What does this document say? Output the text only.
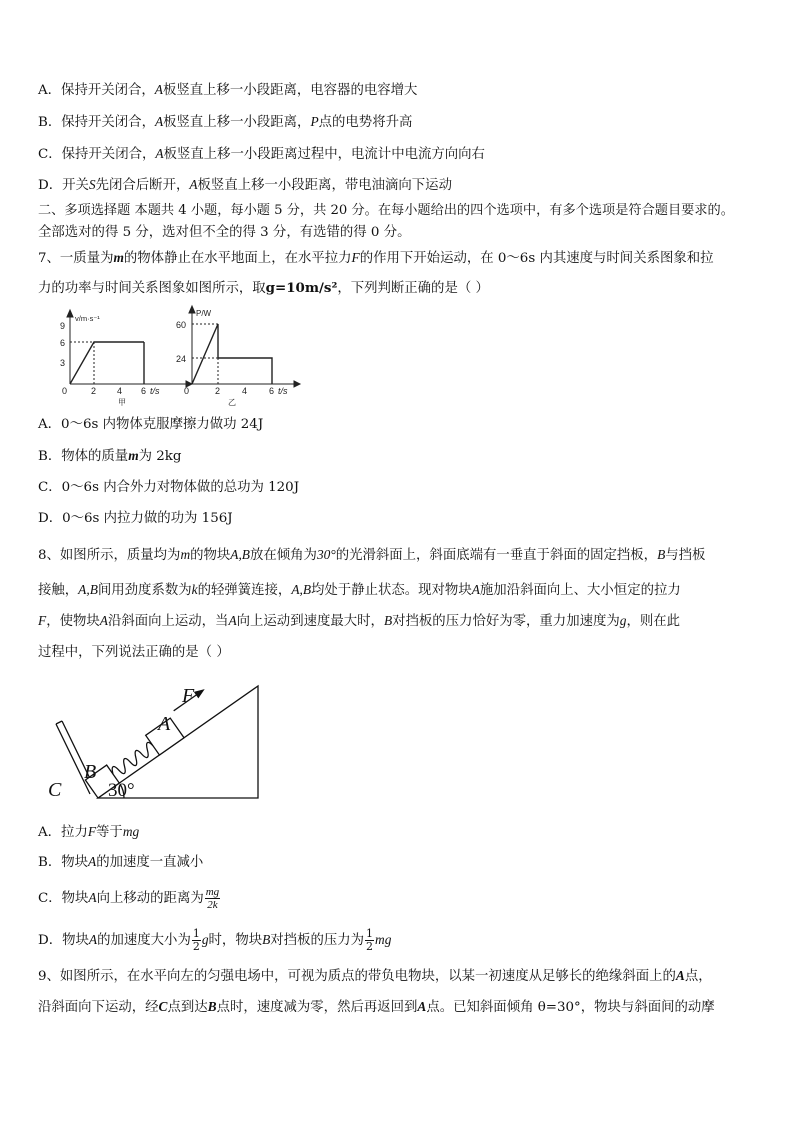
A．保持开关闭合，A板竖直上移一小段距离，电容器的电容增大
B．保持开关闭合，A板竖直上移一小段距离，P点的电势将升高
C．保持开关闭合，A板竖直上移一小段距离过程中，电流计中电流方向向右
D．开关S先闭合后断开，A板竖直上移一小段距离，带电油滴向下运动
二、多项选择题 本题共 4 小题，每小题 5 分，共 20 分。在每小题给出的四个选项中，有多个选项是符合题目要求的。
全部选对的得 5 分，选对但不全的得 3 分，有选错的得 0 分。
7、一质量为m的物体静止在水平地面上，在水平拉力F的作用下开始运动，在 0～6s 内其速度与时间关系图象和拉
力的功率与时间关系图象如图所示，取g=10m/s²，下列判断正确的是（ ）
v/m·s⁻¹
9
6
3
0	2 4 6 t/s
甲
P/W
60
24
0	2 4 6 t/s
乙
A．0～6s 内物体克服摩擦力做功 24J
B．物体的质量m为 2kg
C．0～6s 内合外力对物体做的总功为 120J
D．0～6s 内拉力做的功为 156J
8、如图所示，质量均为m的物块A,B放在倾角为30°的光滑斜面上，斜面底端有一垂直于斜面的固定挡板，B与挡板
接触，A,B间用劲度系数为k的轻弹簧连接，A,B均处于静止状态。现对物块A施加沿斜面向上、大小恒定的拉力
F，使物块A沿斜面向上运动，当A向上运动到速度最大时，B对挡板的压力恰好为零，重力加速度为g，则在此
过程中，下列说法正确的是（ ）
C
B
A
F
30°
A．拉力F等于mg
B．物块A的加速度一直减小
C．物块A向上移动的距离为 $\frac{mg}{2k}$
D．物块A的加速度大小为 $\frac{1}{2}$ g时，物块B对挡板的压力为 $\frac{1}{2}$ mg
9、如图所示，在水平向左的匀强电场中，可视为质点的带负电物块，以某一初速度从足够长的绝缘斜面上的A点，
沿斜面向下运动，经C点到达B点时，速度减为零，然后再返回到A点。已知斜面倾角 θ=30°，物块与斜面间的动摩
